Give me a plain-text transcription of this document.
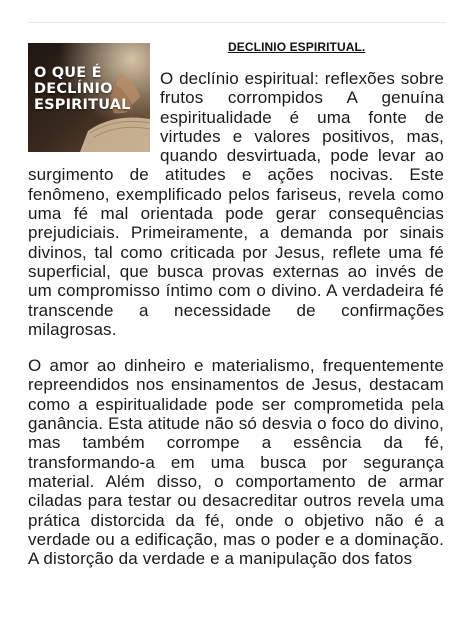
DECLINIO ESPIRITUAL.
O QUE É
DECLÍNIO
ESPIRITUAL

O declínio espiritual: reflexões sobre frutos corrompidos A genuína espiritualidade é uma fonte de virtudes e valores positivos, mas, quando desvirtuada, pode levar ao surgimento de atitudes e ações nocivas. Este fenômeno, exemplificado pelos fariseus, revela como uma fé mal orientada pode gerar consequências prejudiciais. Primeiramente, a demanda por sinais divinos, tal como criticada por Jesus, reflete uma fé superficial, que busca provas externas ao invés de um compromisso íntimo com o divino. A verdadeira fé transcende a necessidade de confirmações milagrosas.

O amor ao dinheiro e materialismo, frequentemente repreendidos nos ensinamentos de Jesus, destacam como a espiritualidade pode ser comprometida pela ganância. Esta atitude não só desvia o foco do divino, mas também corrompe a essência da fé, transformando-a em uma busca por segurança material. Além disso, o comportamento de armar ciladas para testar ou desacreditar outros revela uma prática distorcida da fé, onde o objetivo não é a verdade ou a edificação, mas o poder e a dominação. A distorção da verdade e a manipulação dos fatos
